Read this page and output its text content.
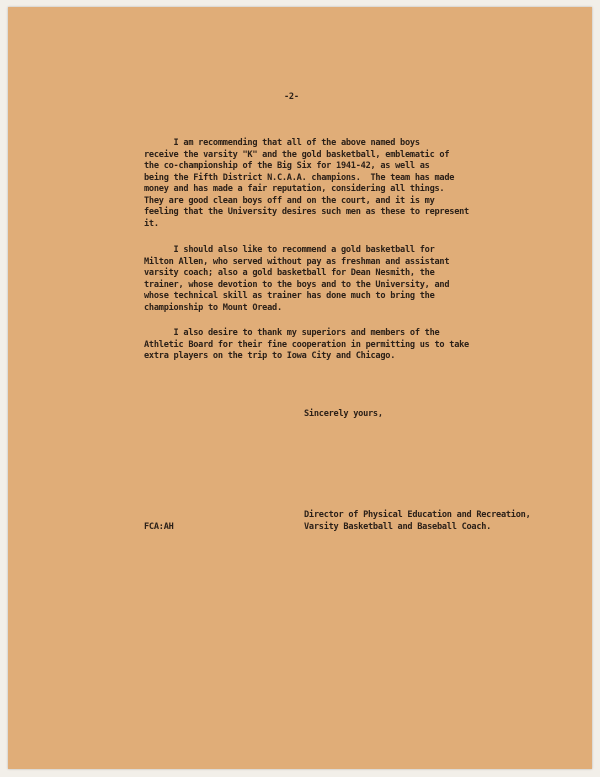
-2-
I am recommending that all of the above named boys
receive the varsity "K" and the gold basketball, emblematic of
the co-championship of the Big Six for 1941-42, as well as
being the Fifth District N.C.A.A. champions.  The team has made
money and has made a fair reputation, considering all things.
They are good clean boys off and on the court, and it is my
feeling that the University desires such men as these to represent
it.
I should also like to recommend a gold basketball for
Milton Allen, who served without pay as freshman and assistant
varsity coach; also a gold basketball for Dean Nesmith, the
trainer, whose devotion to the boys and to the University, and
whose technical skill as trainer has done much to bring the
championship to Mount Oread.
I also desire to thank my superiors and members of the
Athletic Board for their fine cooperation in permitting us to take
extra players on the trip to Iowa City and Chicago.
Sincerely yours,
FCA:AH
Director of Physical Education and Recreation,
Varsity Basketball and Baseball Coach.
